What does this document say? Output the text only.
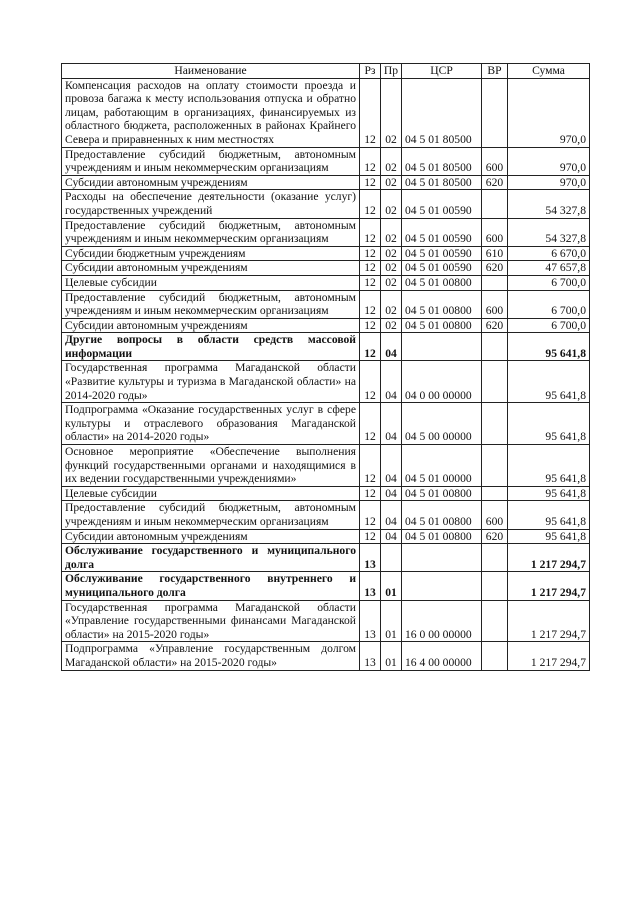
Наименование	Рз	Пр	ЦСР	ВР	Сумма
Компенсация расходов на оплату стоимости проезда и провоза багажа к месту использования отпуска и обратно лицам, работающим в организациях, финансируемых из областного бюджета, расположенных в районах Крайнего Севера и приравненных к ним местностях	12	02	04 5 01 80500		970,0
Предоставление субсидий бюджетным, автономным учреждениям и иным некоммерческим организациям	12	02	04 5 01 80500	600	970,0
Субсидии автономным учреждениям	12	02	04 5 01 80500	620	970,0
Расходы на обеспечение деятельности (оказание услуг) государственных учреждений	12	02	04 5 01 00590		54 327,8
Предоставление субсидий бюджетным, автономным учреждениям и иным некоммерческим организациям	12	02	04 5 01 00590	600	54 327,8
Субсидии бюджетным учреждениям	12	02	04 5 01 00590	610	6 670,0
Субсидии автономным учреждениям	12	02	04 5 01 00590	620	47 657,8
Целевые субсидии	12	02	04 5 01 00800		6 700,0
Предоставление субсидий бюджетным, автономным учреждениям и иным некоммерческим организациям	12	02	04 5 01 00800	600	6 700,0
Субсидии автономным учреждениям	12	02	04 5 01 00800	620	6 700,0
Другие вопросы в области средств массовой информации	12	04			95 641,8
Государственная программа Магаданской области «Развитие культуры и туризма в Магаданской области» на 2014-2020 годы»	12	04	04 0 00 00000		95 641,8
Подпрограмма «Оказание государственных услуг в сфере культуры и отраслевого образования Магаданской области» на 2014-2020 годы»	12	04	04 5 00 00000		95 641,8
Основное мероприятие «Обеспечение выполнения функций государственными органами и находящимися в их ведении государственными учреждениями»	12	04	04 5 01 00000		95 641,8
Целевые субсидии	12	04	04 5 01 00800		95 641,8
Предоставление субсидий бюджетным, автономным учреждениям и иным некоммерческим организациям	12	04	04 5 01 00800	600	95 641,8
Субсидии автономным учреждениям	12	04	04 5 01 00800	620	95 641,8
Обслуживание государственного и муниципального долга	13				1 217 294,7
Обслуживание государственного внутреннего и муниципального долга	13	01			1 217 294,7
Государственная программа Магаданской области «Управление государственными финансами Магаданской области» на 2015-2020 годы»	13	01	16 0 00 00000		1 217 294,7
Подпрограмма «Управление государственным долгом Магаданской области» на 2015-2020 годы»	13	01	16 4 00 00000		1 217 294,7
